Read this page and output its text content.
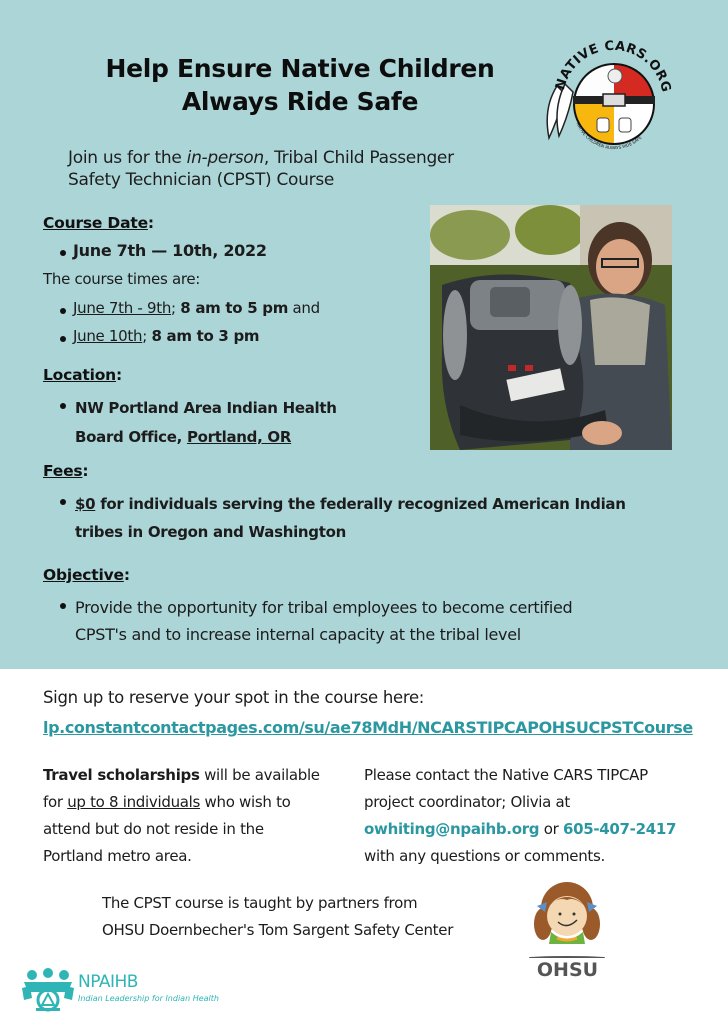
Help Ensure Native Children
Always Ride Safe
NATIVE CARS.ORG
NATIVE CHILDREN ALWAYS RIDE SAFE
Join us for the in-person, Tribal Child Passenger
Safety Technician (CPST) Course
Course Date:
June 7th — 10th, 2022
The course times are:
June 7th - 9th; 8 am to 5 pm and
June 10th; 8 am to 3 pm
Location:
NW Portland Area Indian Health
Board Office, Portland, OR
Fees:
$0 for individuals serving the federally recognized American Indian
tribes in Oregon and Washington
Objective:
Provide the opportunity for tribal employees to become certified
CPST's and to increase internal capacity at the tribal level
Sign up to reserve your spot in the course here:
lp.constantcontactpages.com/su/ae78MdH/NCARSTIPCAPOHSUCPSTCourse
Travel scholarships will be available
for up to 8 individuals who wish to
attend but do not reside in the
Portland metro area.
Please contact the Native CARS TIPCAP
project coordinator; Olivia at
owhiting@npaihb.org or 605-407-2417
with any questions or comments.
The CPST course is taught by partners from
OHSU Doernbecher's Tom Sargent Safety Center
OHSU
NPAIHB
Indian Leadership for Indian Health
